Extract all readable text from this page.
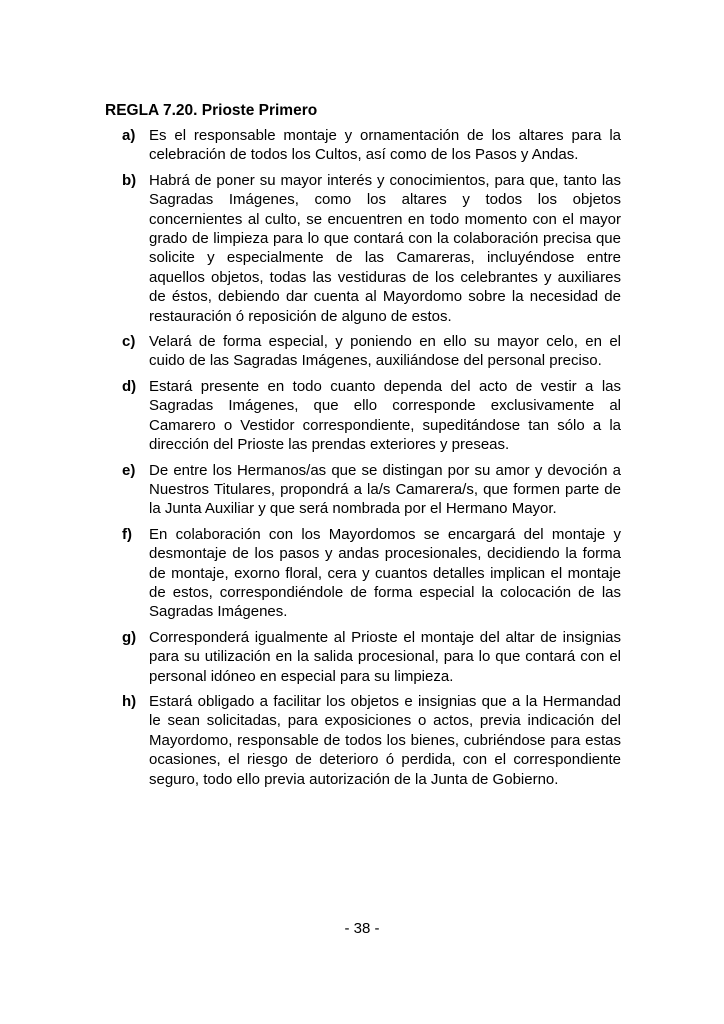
REGLA 7.20. Prioste Primero
a) Es el responsable montaje y ornamentación de los altares para la celebración de todos los Cultos, así como de los Pasos y Andas.

b) Habrá de poner su mayor interés y conocimientos, para que, tanto las Sagradas Imágenes, como los altares y todos los objetos concernientes al culto, se encuentren en todo momento con el mayor grado de limpieza para lo que contará con la colaboración precisa que solicite y especialmente de las Camareras, incluyéndose entre aquellos objetos, todas las vestiduras de los celebrantes y auxiliares de éstos, debiendo dar cuenta al Mayordomo sobre la necesidad de restauración ó reposición de alguno de estos.

c) Velará de forma especial, y poniendo en ello su mayor celo, en el cuido de las Sagradas Imágenes, auxiliándose del personal preciso.

d) Estará presente en todo cuanto dependa del acto de vestir a las Sagradas Imágenes, que ello corresponde exclusivamente al Camarero o Vestidor correspondiente, supeditándose tan sólo a la dirección del Prioste las prendas exteriores y preseas.

e) De entre los Hermanos/as que se distingan por su amor y devoción a Nuestros Titulares, propondrá a la/s Camarera/s, que formen parte de la Junta Auxiliar y que será nombrada por el Hermano Mayor.

f)	En colaboración con los Mayordomos se encargará del montaje y desmontaje de los pasos y andas procesionales, decidiendo la forma de montaje, exorno floral, cera y cuantos detalles implican el montaje de estos, correspondiéndole de forma especial la colocación de las Sagradas Imágenes.

g) Corresponderá igualmente al Prioste el montaje del altar de insignias para su utilización en la salida procesional, para lo que contará con el personal idóneo en especial para su limpieza.

h) Estará obligado a facilitar los objetos e insignias que a la Hermandad le sean solicitadas, para exposiciones o actos, previa indicación del Mayordomo, responsable de todos los bienes, cubriéndose para estas ocasiones, el riesgo de deterioro ó perdida, con el correspondiente seguro, todo ello previa autorización de la Junta de Gobierno.

- 38 -
